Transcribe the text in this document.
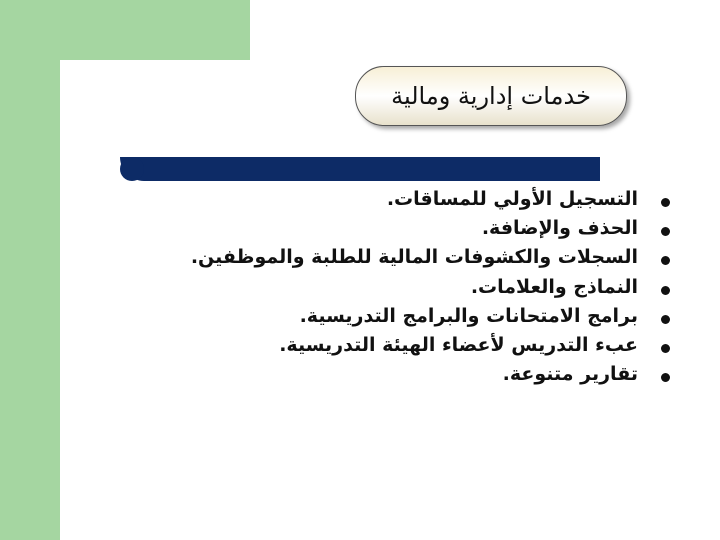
خدمات إدارية ومالية
التسجيل الأولي للمساقات.
الحذف والإضافة.
السجلات والكشوفات المالية للطلبة والموظفين.
النماذج والعلامات.
برامج الامتحانات والبرامج التدريسية.
عبء التدريس لأعضاء الهيئة التدريسية.
تقارير متنوعة.
